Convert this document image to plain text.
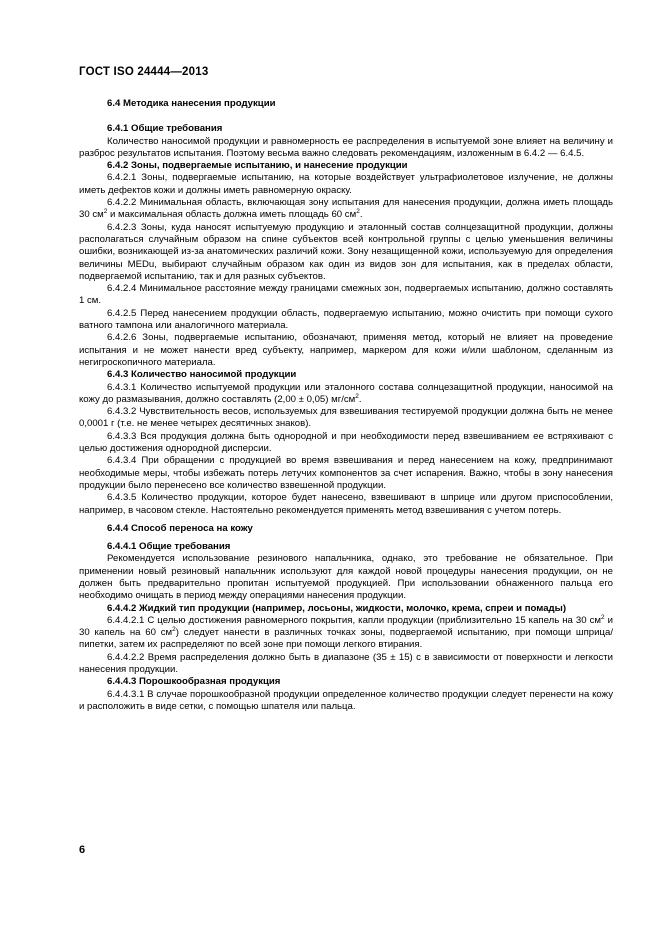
ГОСТ ISO 24444—2013

6.4 Методика нанесения продукции

6.4.1 Общие требования

Количество наносимой продукции и равномерность ее распределения в испытуемой зоне влияет на величину и разброс результатов испытания. Поэтому весьма важно следовать рекомендациям, изложенным в 6.4.2 — 6.4.5.

6.4.2 Зоны, подвергаемые испытанию, и нанесение продукции

6.4.2.1 Зоны, подвергаемые испытанию, на которые воздействует ультрафиолетовое излучение, не должны иметь дефектов кожи и должны иметь равномерную окраску.

6.4.2.2 Минимальная область, включающая зону испытания для нанесения продукции, должна иметь площадь 30 $см^2$ и максимальная область должна иметь площадь 60 $см^2$.

6.4.2.3 Зоны, куда наносят испытуемую продукцию и эталонный состав солнцезащитной продукции, должны располагаться случайным образом на спине субъектов всей контрольной группы с целью уменьшения величины ошибки, возникающей из-за анатомических различий кожи. Зону незащищенной кожи, используемую для определения величины MEDu, выбирают случайным образом как один из видов зон для испытания, как в пределах области, подвергаемой испытанию, так и для разных субъектов.

6.4.2.4 Минимальное расстояние между границами смежных зон, подвергаемых испытанию, должно составлять 1 см.

6.4.2.5 Перед нанесением продукции область, подвергаемую испытанию, можно очистить при помощи сухого ватного тампона или аналогичного материала.

6.4.2.6 Зоны, подвергаемые испытанию, обозначают, применяя метод, который не влияет на проведение испытания и не может нанести вред субъекту, например, маркером для кожи и/или шаблоном, сделанным из негигроскопичного материала.

6.4.3 Количество наносимой продукции

6.4.3.1 Количество испытуемой продукции или эталонного состава солнцезащитной продукции, наносимой на кожу до размазывания, должно составлять (2,00 ± 0,05) $мг/см^2$.

6.4.3.2 Чувствительность весов, используемых для взвешивания тестируемой продукции должна быть не менее 0,0001 г (т.е. не менее четырех десятичных знаков).

6.4.3.3 Вся продукция должна быть однородной и при необходимости перед взвешиванием ее встряхивают с целью достижения однородной дисперсии.

6.4.3.4 При обращении с продукцией во время взвешивания и перед нанесением на кожу, предпринимают необходимые меры, чтобы избежать потерь летучих компонентов за счет испарения. Важно, чтобы в зону нанесения продукции было перенесено все количество взвешенной продукции.

6.4.3.5 Количество продукции, которое будет нанесено, взвешивают в шприце или другом приспособлении, например, в часовом стекле. Настоятельно рекомендуется применять метод взвешивания с учетом потерь.

6.4.4 Способ переноса на кожу

6.4.4.1 Общие требования

Рекомендуется использование резинового напальчника, однако, это требование не обязательное. При применении новый резиновый напальчник используют для каждой новой процедуры нанесения продукции, он не должен быть предварительно пропитан испытуемой продукцией. При использовании обнаженного пальца его необходимо очищать в период между операциями нанесения продукции.

6.4.4.2 Жидкий тип продукции (например, лосьоны, жидкости, молочко, крема, спреи и помады)

6.4.4.2.1 С целью достижения равномерного покрытия, капли продукции (приблизительно 15 капель на 30 $см^2$ и 30 капель на 60 $см^2$) следует нанести в различных точках зоны, подвергаемой испытанию, при помощи шприца/пипетки, затем их распределяют по всей зоне при помощи легкого втирания.

6.4.4.2.2 Время распределения должно быть в диапазоне (35 ± 15) с в зависимости от поверхности и легкости нанесения продукции.

6.4.4.3 Порошкообразная продукция

6.4.4.3.1 В случае порошкообразной продукции определенное количество продукции следует перенести на кожу и расположить в виде сетки, с помощью шпателя или пальца.

6
